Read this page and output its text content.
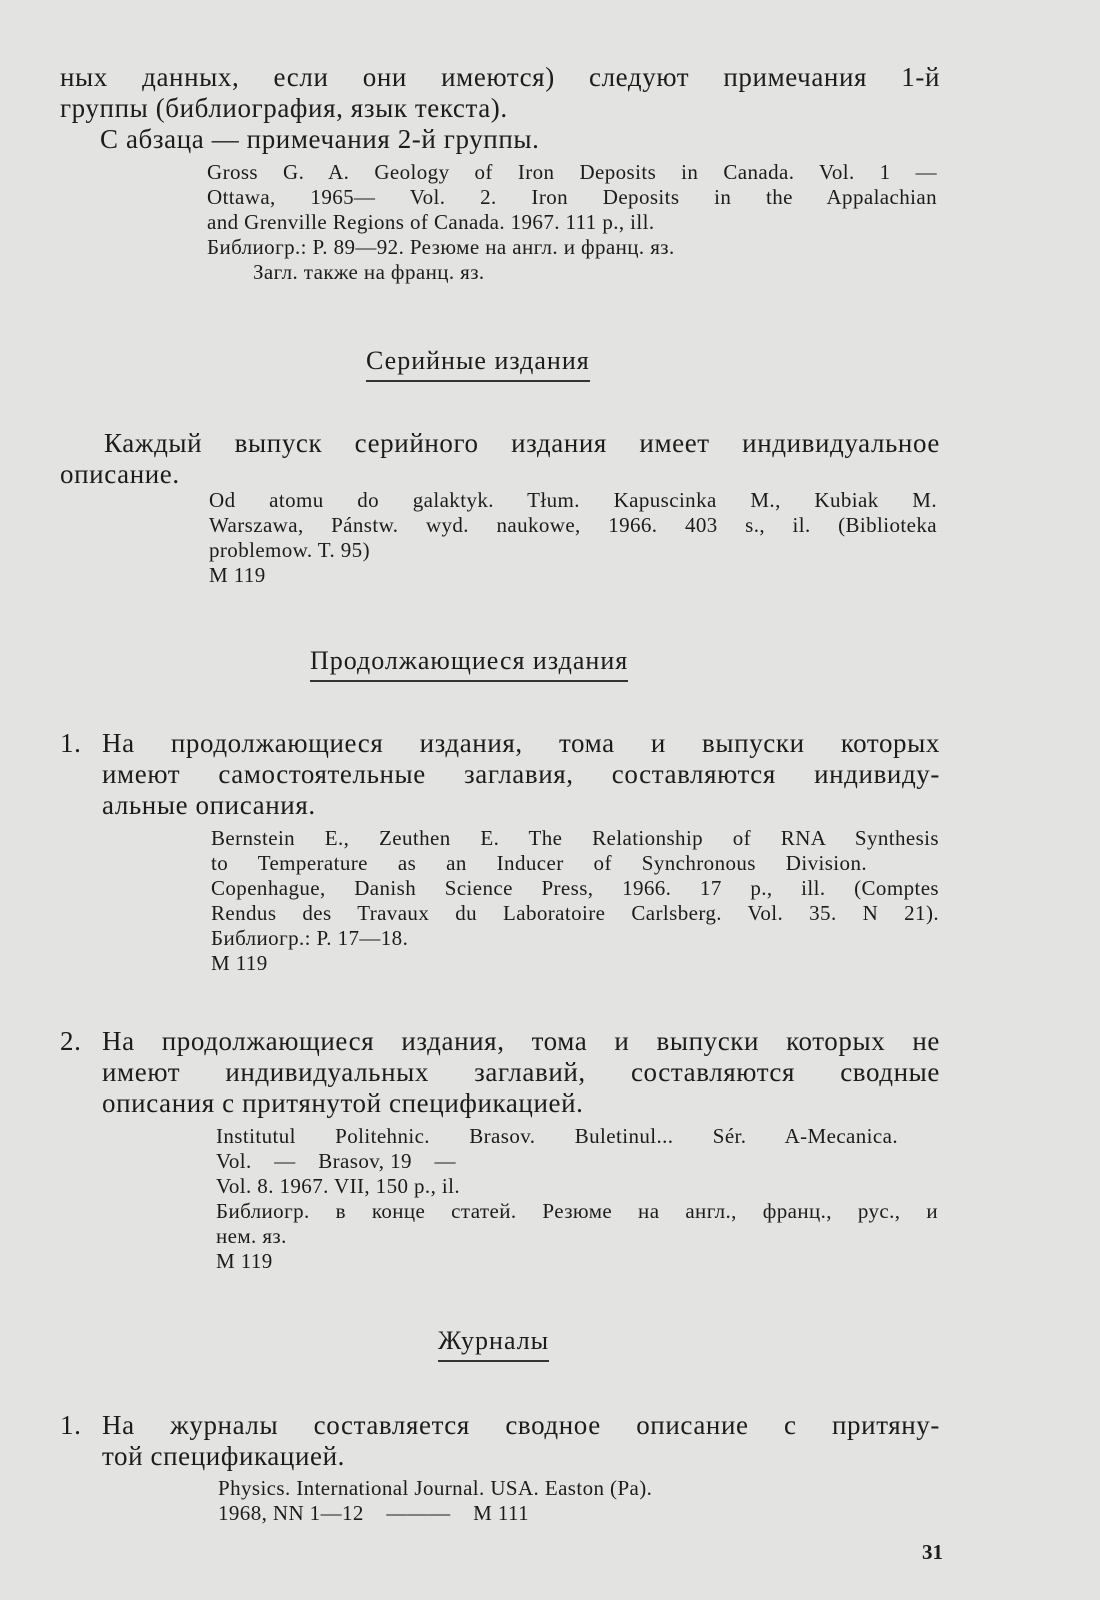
ных данных, если они имеются) следуют примечания 1-й
группы (библиография, язык текста).
С абзаца — примечания 2-й группы.
Gross G. A. Geology of Iron Deposits in Canada. Vol. 1 —
Ottawa, 1965— Vol. 2. Iron Deposits in the Appalachian
and Grenville Regions of Canada. 1967. 111 p., ill.
Библиогр.: P. 89—92. Резюме на англ. и франц. яз.
Загл. также на франц. яз.
Серийные издания
Каждый выпуск серийного издания имеет индивидуальное
описание.
Od atomu do galaktyk. Tłum. Kapuscinka M., Kubiak M.
Warszawa, Pánstw. wyd. naukowe, 1966. 403 s., il. (Biblioteka
problemow. T. 95)
M 119
Продолжающиеся издания
1. На продолжающиеся издания, тома и выпуски которых
имеют самостоятельные заглавия, составляются индивиду-
альные описания.
Bernstein E., Zeuthen E. The Relationship of RNA Synthesis
to Temperature as an Inducer of Synchronous Division.
Copenhague, Danish Science Press, 1966. 17 p., ill. (Comptes
Rendus des Travaux du Laboratoire Carlsberg. Vol. 35. N 21).
Библиогр.: P. 17—18.
M 119
2. На продолжающиеся издания, тома и выпуски которых не
имеют индивидуальных заглавий, составляются сводные
описания с притянутой спецификацией.
Institutul Politehnic. Brasov. Buletinul... Sér. A-Mecanica.
Vol.    —    Brasov, 19    —
Vol. 8. 1967. VII, 150 p., il.
Библиогр. в конце статей. Резюме на англ., франц., рус., и
нем. яз.
M 119
Журналы
1. На журналы составляется сводное описание с притяну-
той спецификацией.
Physics. International Journal. USA. Easton (Pa).
1968, NN 1—12    ———    M 111
31
